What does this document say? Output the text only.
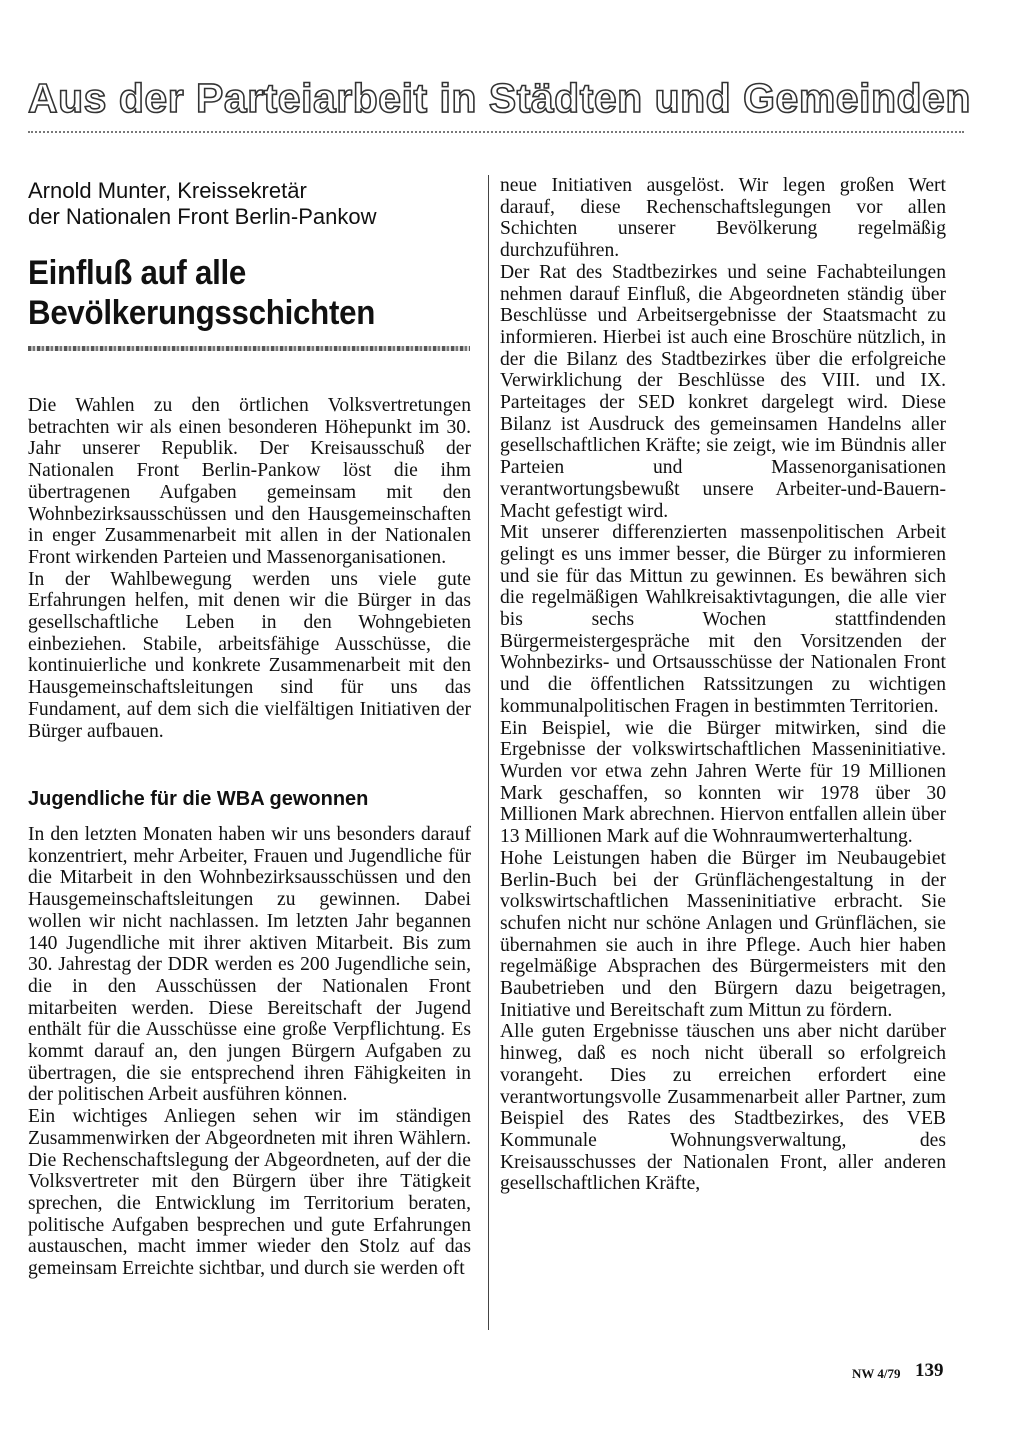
Aus der Parteiarbeit in Städten und Gemeinden
Arnold Munter, Kreissekretär
der Nationalen Front Berlin-Pankow
Einfluß auf alle
Bevölkerungsschichten

Die Wahlen zu den örtlichen Volksvertretungen betrachten wir als einen besonderen Höhepunkt im 30. Jahr unserer Republik. Der Kreisausschuß der Nationalen Front Berlin-Pankow löst die ihm übertragenen Aufgaben gemeinsam mit den Wohnbezirksausschüssen und den Hausgemeinschaften in enger Zusammenarbeit mit allen in der Nationalen Front wirkenden Parteien und Massenorganisationen.

In der Wahlbewegung werden uns viele gute Erfahrungen helfen, mit denen wir die Bürger in das gesellschaftliche Leben in den Wohngebieten einbeziehen. Stabile, arbeitsfähige Ausschüsse, die kontinuierliche und konkrete Zusammenarbeit mit den Hausgemeinschaftsleitungen sind für uns das Fundament, auf dem sich die vielfältigen Initiativen der Bürger aufbauen.

Jugendliche für die WBA gewonnen

In den letzten Monaten haben wir uns besonders darauf konzentriert, mehr Arbeiter, Frauen und Jugendliche für die Mitarbeit in den Wohnbezirksausschüssen und den Hausgemeinschaftsleitungen zu gewinnen. Dabei wollen wir nicht nachlassen. Im letzten Jahr begannen 140 Jugendliche mit ihrer aktiven Mitarbeit. Bis zum 30. Jahrestag der DDR werden es 200 Jugendliche sein, die in den Ausschüssen der Nationalen Front mitarbeiten werden. Diese Bereitschaft der Jugend enthält für die Ausschüsse eine große Verpflichtung. Es kommt darauf an, den jungen Bürgern Aufgaben zu übertragen, die sie entsprechend ihren Fähigkeiten in der politischen Arbeit ausführen können.

Ein wichtiges Anliegen sehen wir im ständigen Zusammenwirken der Abgeordneten mit ihren Wählern. Die Rechenschaftslegung der Abgeordneten, auf der die Volksvertreter mit den Bürgern über ihre Tätigkeit sprechen, die Entwicklung im Territorium beraten, politische Aufgaben besprechen und gute Erfahrungen austauschen, macht immer wieder den Stolz auf das gemeinsam Erreichte sichtbar, und durch sie werden oft

neue Initiativen ausgelöst. Wir legen großen Wert darauf, diese Rechenschaftslegungen vor allen Schichten unserer Bevölkerung regelmäßig durchzuführen.

Der Rat des Stadtbezirkes und seine Fachabteilungen nehmen darauf Einfluß, die Abgeordneten ständig über Beschlüsse und Arbeitsergebnisse der Staatsmacht zu informieren. Hierbei ist auch eine Broschüre nützlich, in der die Bilanz des Stadtbezirkes über die erfolgreiche Verwirklichung der Beschlüsse des VIII. und IX. Parteitages der SED konkret dargelegt wird. Diese Bilanz ist Ausdruck des gemeinsamen Handelns aller gesellschaftlichen Kräfte; sie zeigt, wie im Bündnis aller Parteien und Massenorganisationen verantwortungsbewußt unsere Arbeiter-und-Bauern-Macht gefestigt wird.

Mit unserer differenzierten massenpolitischen Arbeit gelingt es uns immer besser, die Bürger zu informieren und sie für das Mittun zu gewinnen. Es bewähren sich die regelmäßigen Wahlkreisaktivtagungen, die alle vier bis sechs Wochen stattfindenden Bürgermeistergespräche mit den Vorsitzenden der Wohnbezirks- und Ortsausschüsse der Nationalen Front und die öffentlichen Ratssitzungen zu wichtigen kommunalpolitischen Fragen in bestimmten Territorien.

Ein Beispiel, wie die Bürger mitwirken, sind die Ergebnisse der volkswirtschaftlichen Masseninitiative. Wurden vor etwa zehn Jahren Werte für 19 Millionen Mark geschaffen, so konnten wir 1978 über 30 Millionen Mark abrechnen. Hiervon entfallen allein über 13 Millionen Mark auf die Wohnraumwerterhaltung.

Hohe Leistungen haben die Bürger im Neubaugebiet Berlin-Buch bei der Grünflächengestaltung in der volkswirtschaftlichen Masseninitiative erbracht. Sie schufen nicht nur schöne Anlagen und Grünflächen, sie übernahmen sie auch in ihre Pflege. Auch hier haben regelmäßige Absprachen des Bürgermeisters mit den Baubetrieben und den Bürgern dazu beigetragen, Initiative und Bereitschaft zum Mittun zu fördern.

Alle guten Ergebnisse täuschen uns aber nicht darüber hinweg, daß es noch nicht überall so erfolgreich vorangeht. Dies zu erreichen erfordert eine verantwortungsvolle Zusammenarbeit aller Partner, zum Beispiel des Rates des Stadtbezirkes, des VEB Kommunale Wohnungsverwaltung, des Kreisausschusses der Nationalen Front, aller anderen gesellschaftlichen Kräfte,

NW 4/79 139
